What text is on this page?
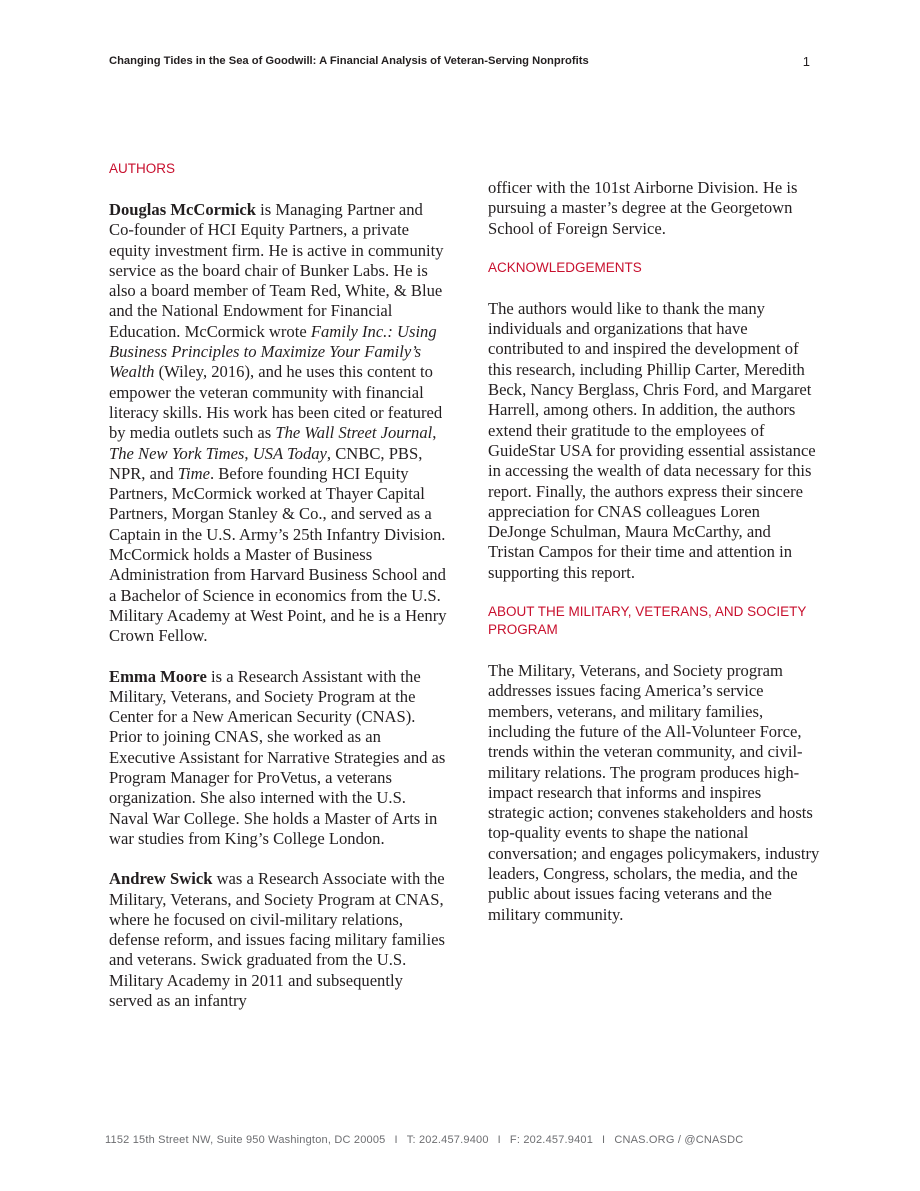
Changing Tides in the Sea of Goodwill: A Financial Analysis of Veteran-Serving Nonprofits	1
AUTHORS

Douglas McCormick is Managing Partner and Co-founder of HCI Equity Partners, a private equity investment firm. He is active in community service as the board chair of Bunker Labs. He is also a board member of Team Red, White, & Blue and the National Endowment for Financial Education. McCormick wrote Family Inc.: Using Business Principles to Maximize Your Family’s Wealth (Wiley, 2016), and he uses this content to empower the veteran community with financial literacy skills. His work has been cited or featured by media outlets such as The Wall Street Journal, The New York Times, USA Today, CNBC, PBS, NPR, and Time. Before founding HCI Equity Partners, McCormick worked at Thayer Capital Partners, Morgan Stanley & Co., and served as a Captain in the U.S. Army’s 25th Infantry Division. McCormick holds a Master of Business Administration from Harvard Business School and a Bachelor of Science in economics from the U.S. Military Academy at West Point, and he is a Henry Crown Fellow.

Emma Moore is a Research Assistant with the Military, Veterans, and Society Program at the Center for a New American Security (CNAS). Prior to joining CNAS, she worked as an Executive Assistant for Narrative Strategies and as Program Manager for ProVetus, a veterans organization. She also interned with the U.S. Naval War College. She holds a Master of Arts in war studies from King’s College London.

Andrew Swick was a Research Associate with the Military, Veterans, and Society Program at CNAS, where he focused on civil-military relations, defense reform, and issues facing military families and veterans. Swick graduated from the U.S. Military Academy in 2011 and subsequently served as an infantry

officer with the 101st Airborne Division. He is pursuing a master’s degree at the Georgetown School of Foreign Service.

ACKNOWLEDGEMENTS

The authors would like to thank the many individuals and organizations that have contributed to and inspired the development of this research, including Phillip Carter, Meredith Beck, Nancy Berglass, Chris Ford, and Margaret Harrell, among others. In addition, the authors extend their gratitude to the employees of GuideStar USA for providing essential assistance in accessing the wealth of data necessary for this report. Finally, the authors express their sincere appreciation for CNAS colleagues Loren DeJonge Schulman, Maura McCarthy, and Tristan Campos for their time and attention in supporting this report.

ABOUT THE MILITARY, VETERANS, AND SOCIETY PROGRAM

The Military, Veterans, and Society program addresses issues facing America’s service members, veterans, and military families, including the future of the All-Volunteer Force, trends within the veteran community, and civil-military relations. The program produces high-impact research that informs and inspires strategic action; convenes stakeholders and hosts top-quality events to shape the national conversation; and engages policymakers, industry leaders, Congress, scholars, the media, and the public about issues facing veterans and the military community.

1152 15th Street NW, Suite 950 Washington, DC 20005 I T: 202.457.9400 I F: 202.457.9401 I CNAS.ORG / @CNASDC
